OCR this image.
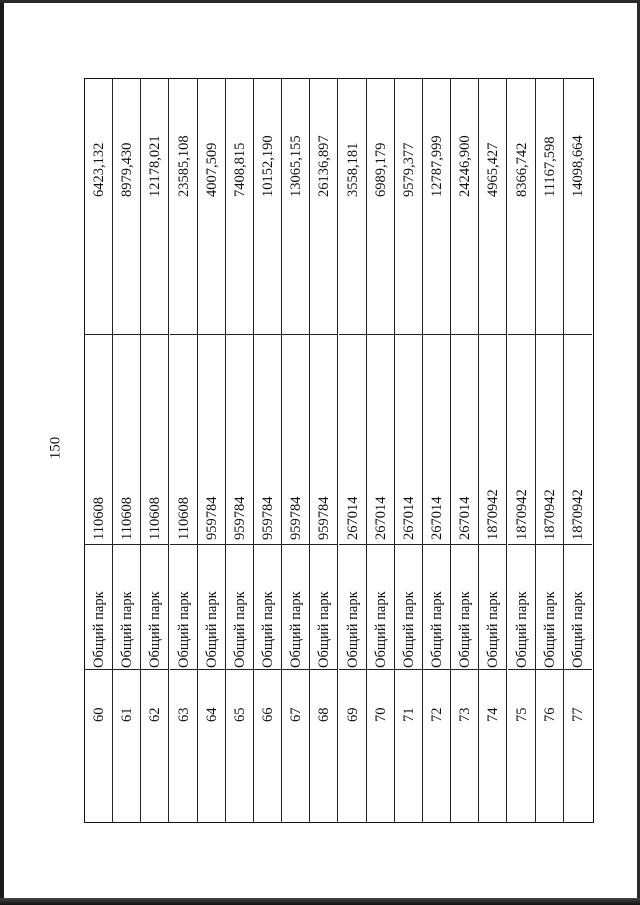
150
6423,132
110608
Общий парк
60
8979,430
110608
Общий парк
61
12178,021
110608
Общий парк
62
23585,108
110608
Общий парк
63
4007,509
959784
Общий парк
64
7408,815
959784
Общий парк
65
10152,190
959784
Общий парк
66
13065,155
959784
Общий парк
67
26136,897
959784
Общий парк
68
3558,181
267014
Общий парк
69
6989,179
267014
Общий парк
70
9579,377
267014
Общий парк
71
12787,999
267014
Общий парк
72
24246,900
267014
Общий парк
73
4965,427
1870942
Общий парк
74
8366,742
1870942
Общий парк
75
11167,598
1870942
Общий парк
76
14098,664
1870942
Общий парк
77
